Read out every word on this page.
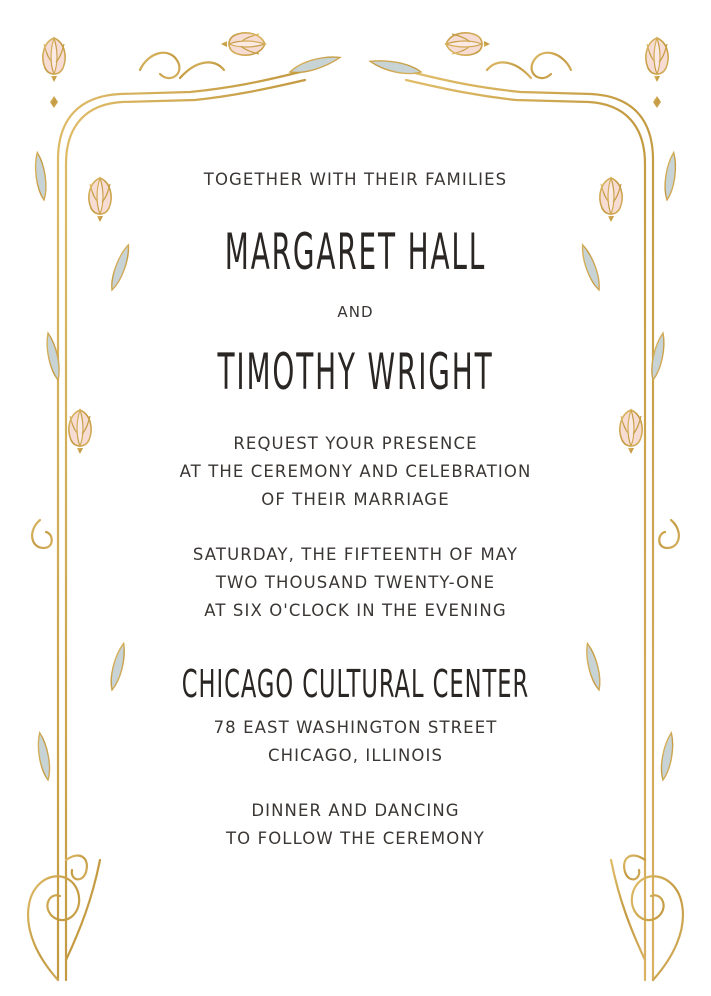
TOGETHER WITH THEIR FAMILIES
MARGARET HALL
AND
TIMOTHY WRIGHT
REQUEST YOUR PRESENCE
AT THE CEREMONY AND CELEBRATION
OF THEIR MARRIAGE
SATURDAY, THE FIFTEENTH OF MAY
TWO THOUSAND TWENTY-ONE
AT SIX O'CLOCK IN THE EVENING
CHICAGO CULTURAL CENTER
78 EAST WASHINGTON STREET
CHICAGO, ILLINOIS
DINNER AND DANCING
TO FOLLOW THE CEREMONY
